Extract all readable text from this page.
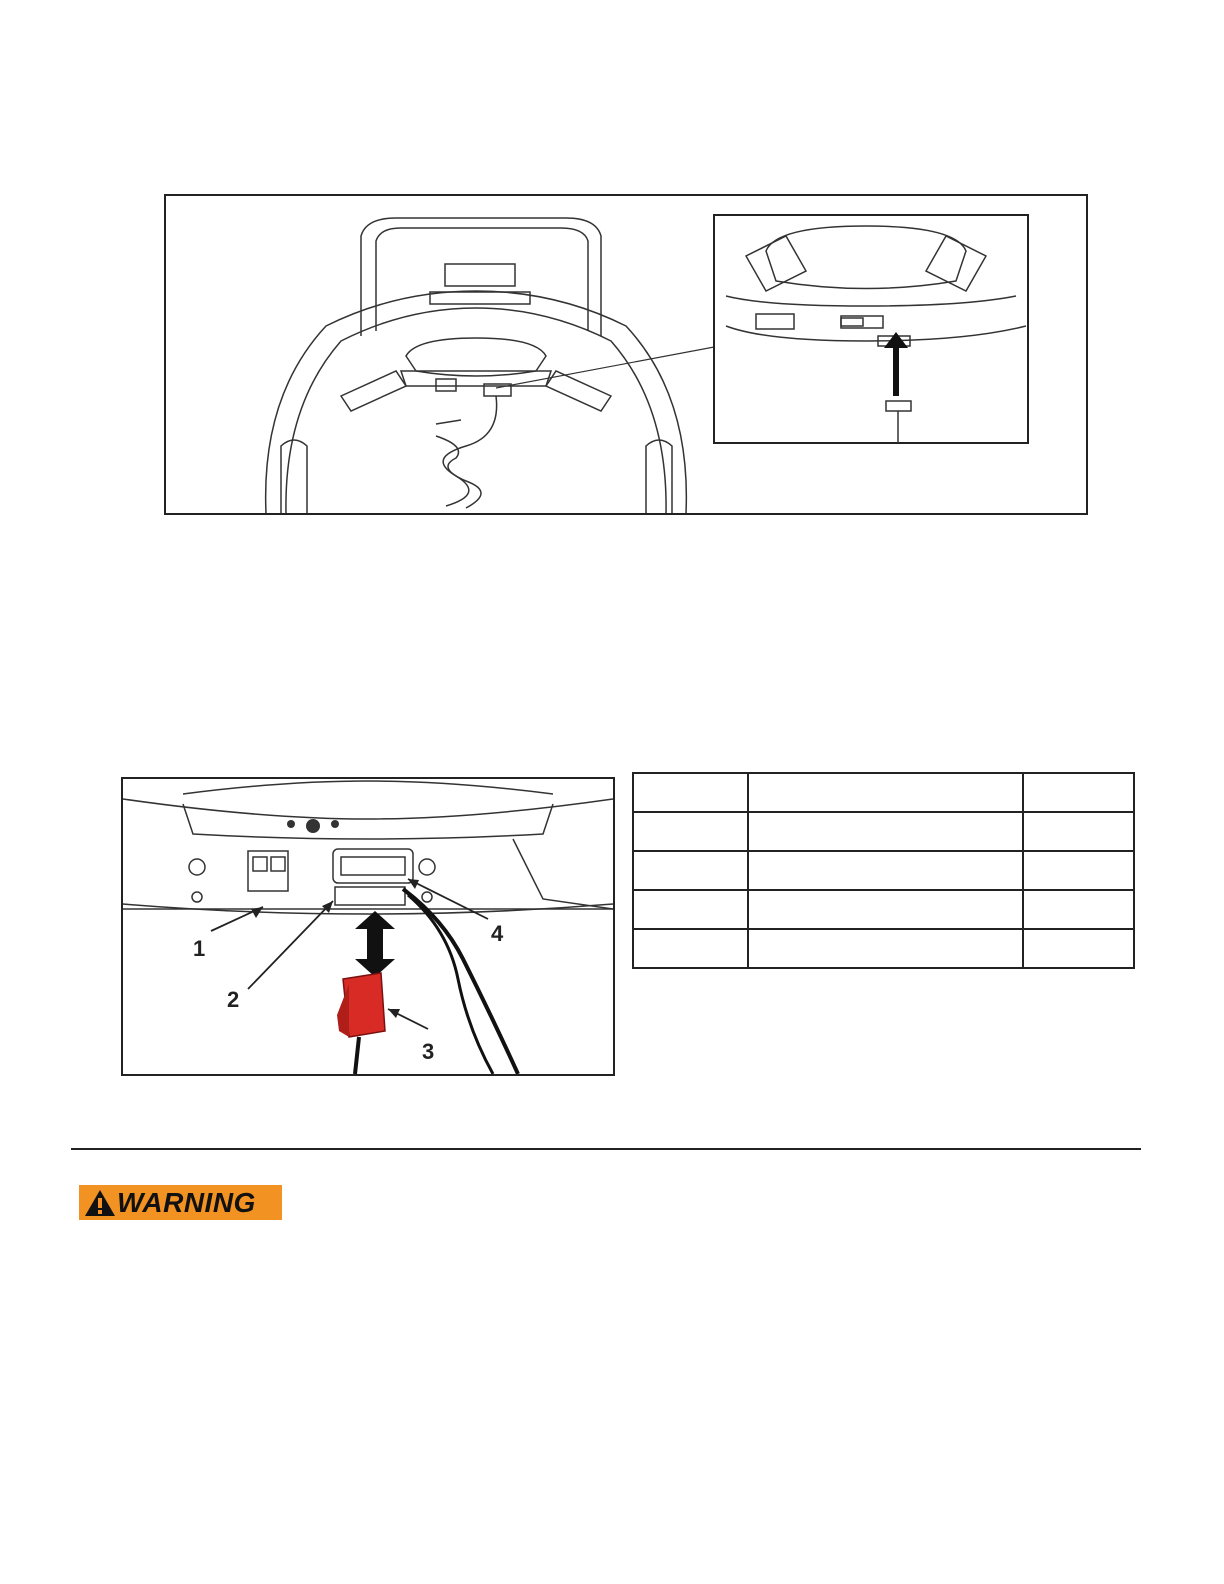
1
2
3
4

WARNING
